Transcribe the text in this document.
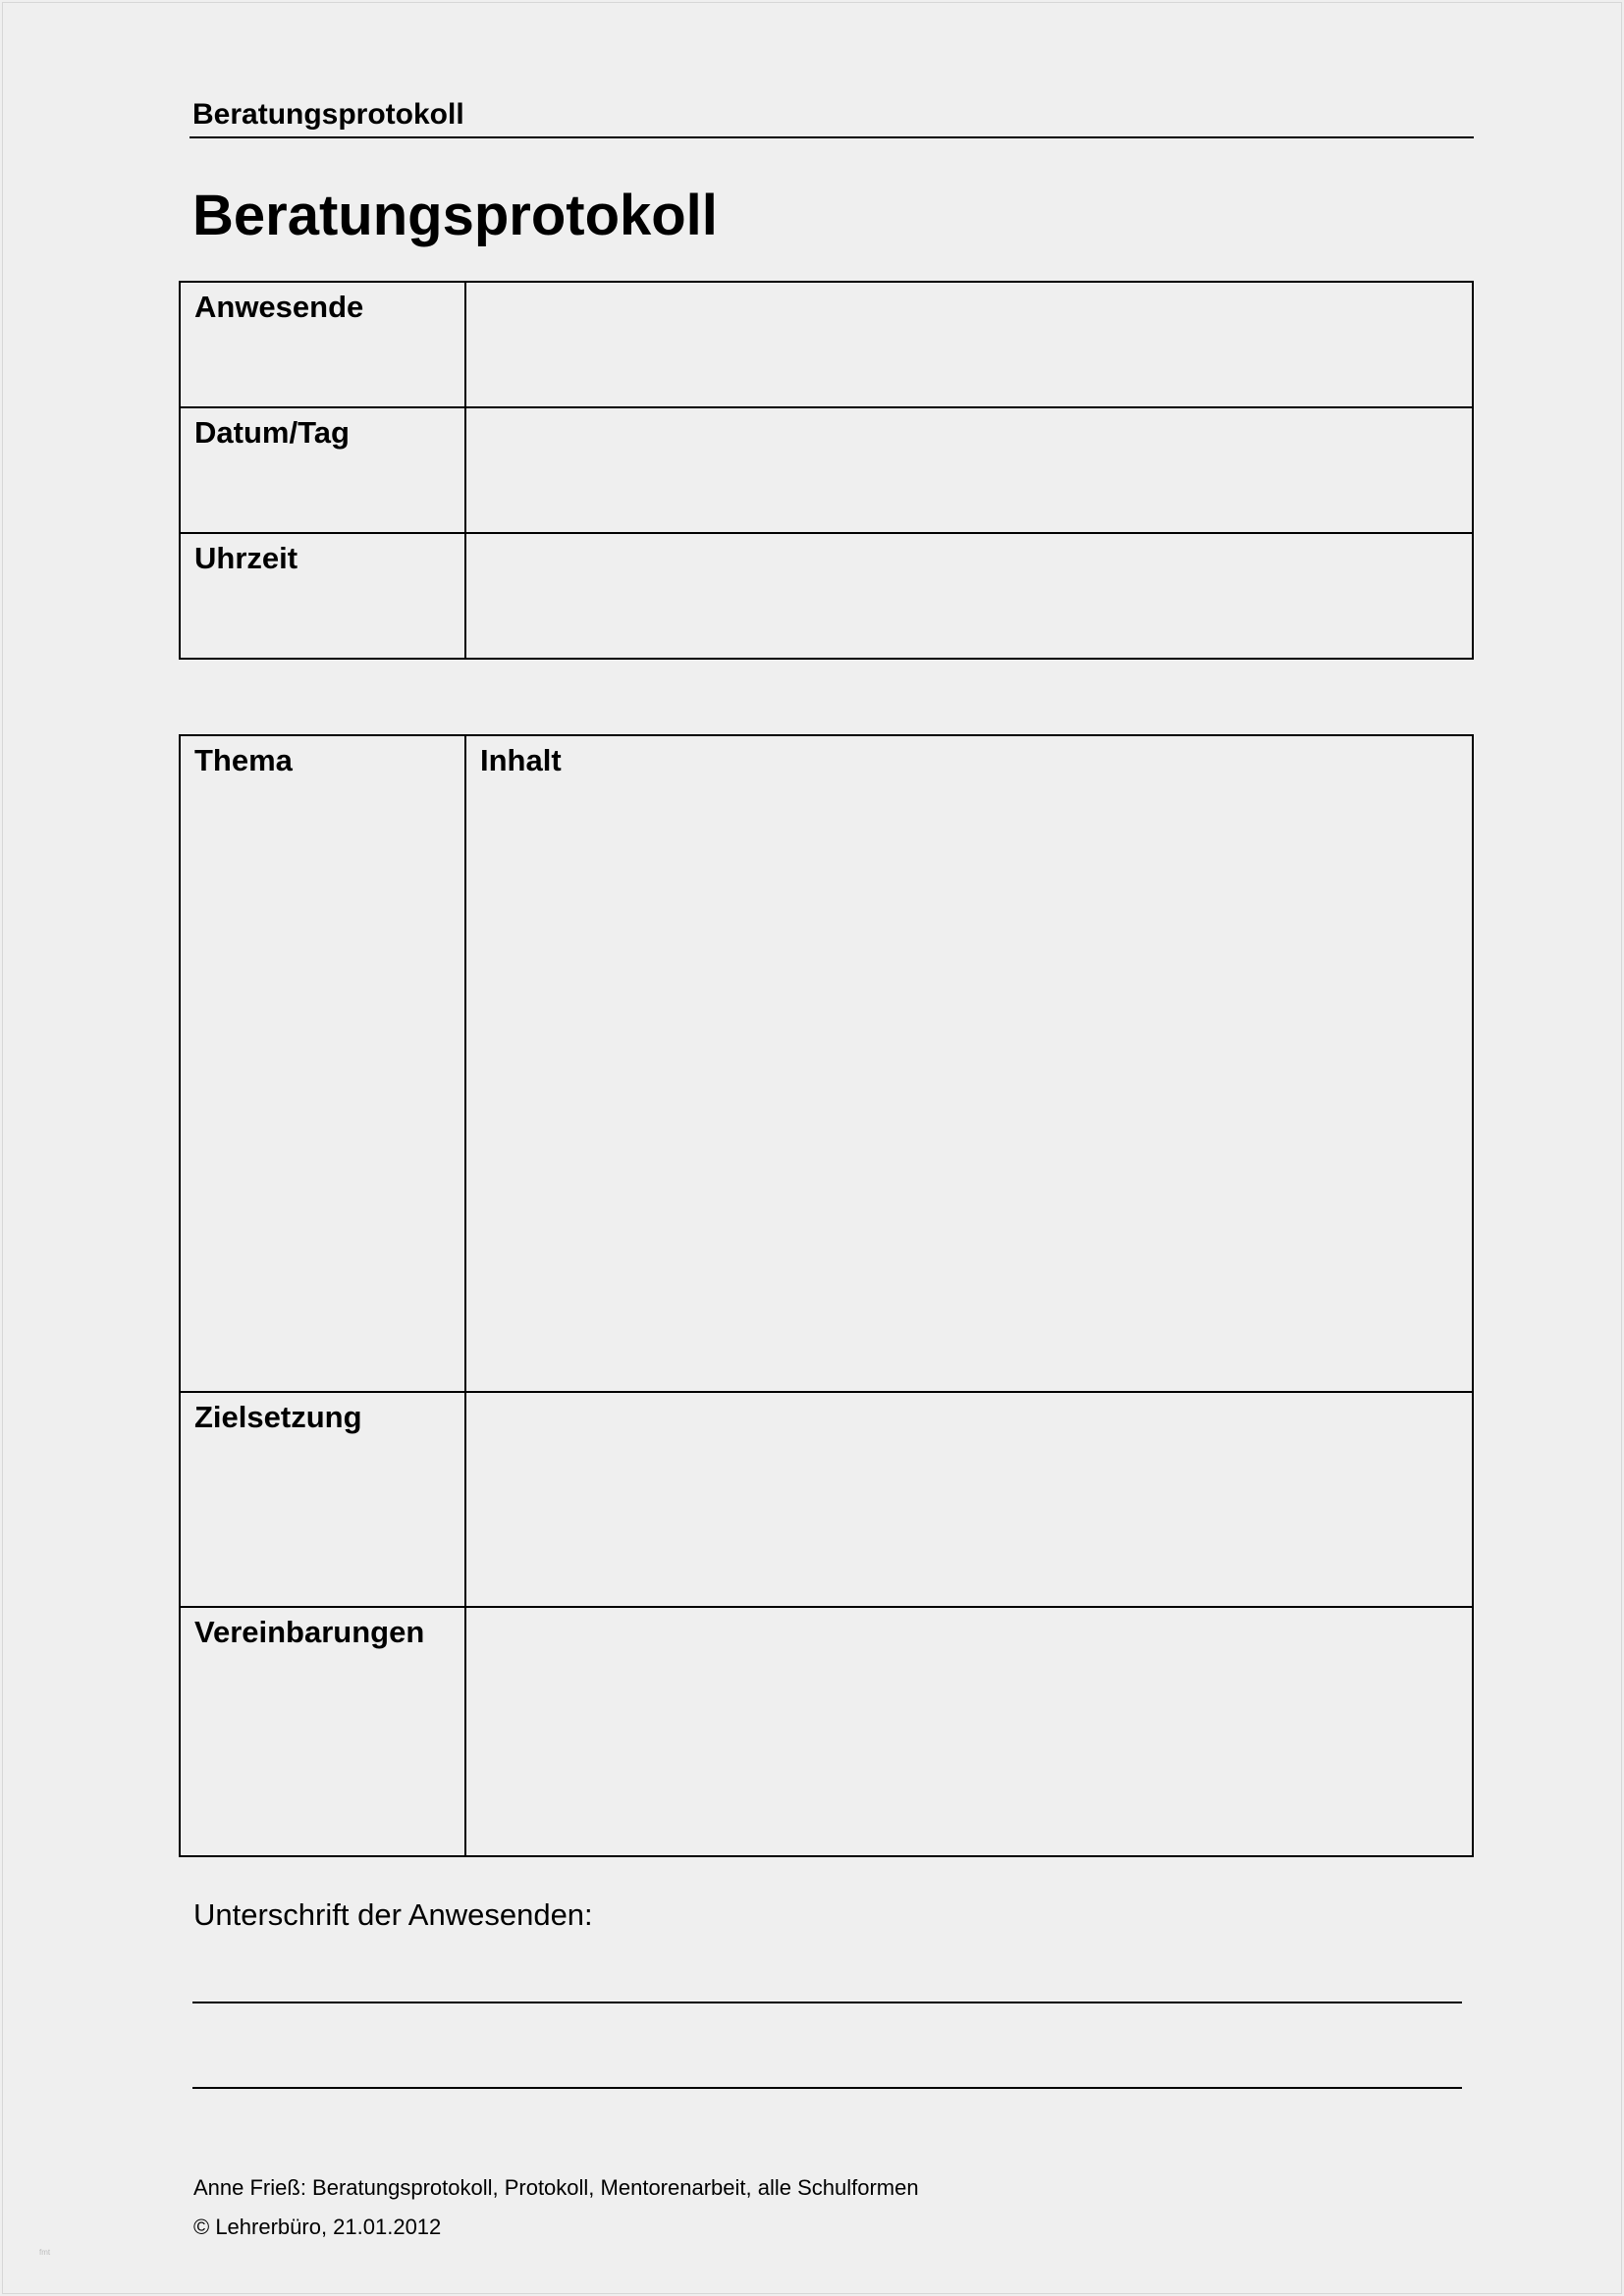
Beratungsprotokoll
Beratungsprotokoll
Anwesende	

Datum/Tag	

Uhrzeit	

Thema	Inhalt

Zielsetzung	

Vereinbarungen	

Unterschrift der Anwesenden:
Anne Frieß: Beratungsprotokoll, Protokoll, Mentorenarbeit, alle Schulformen
© Lehrerbüro, 21.01.2012
fmt
